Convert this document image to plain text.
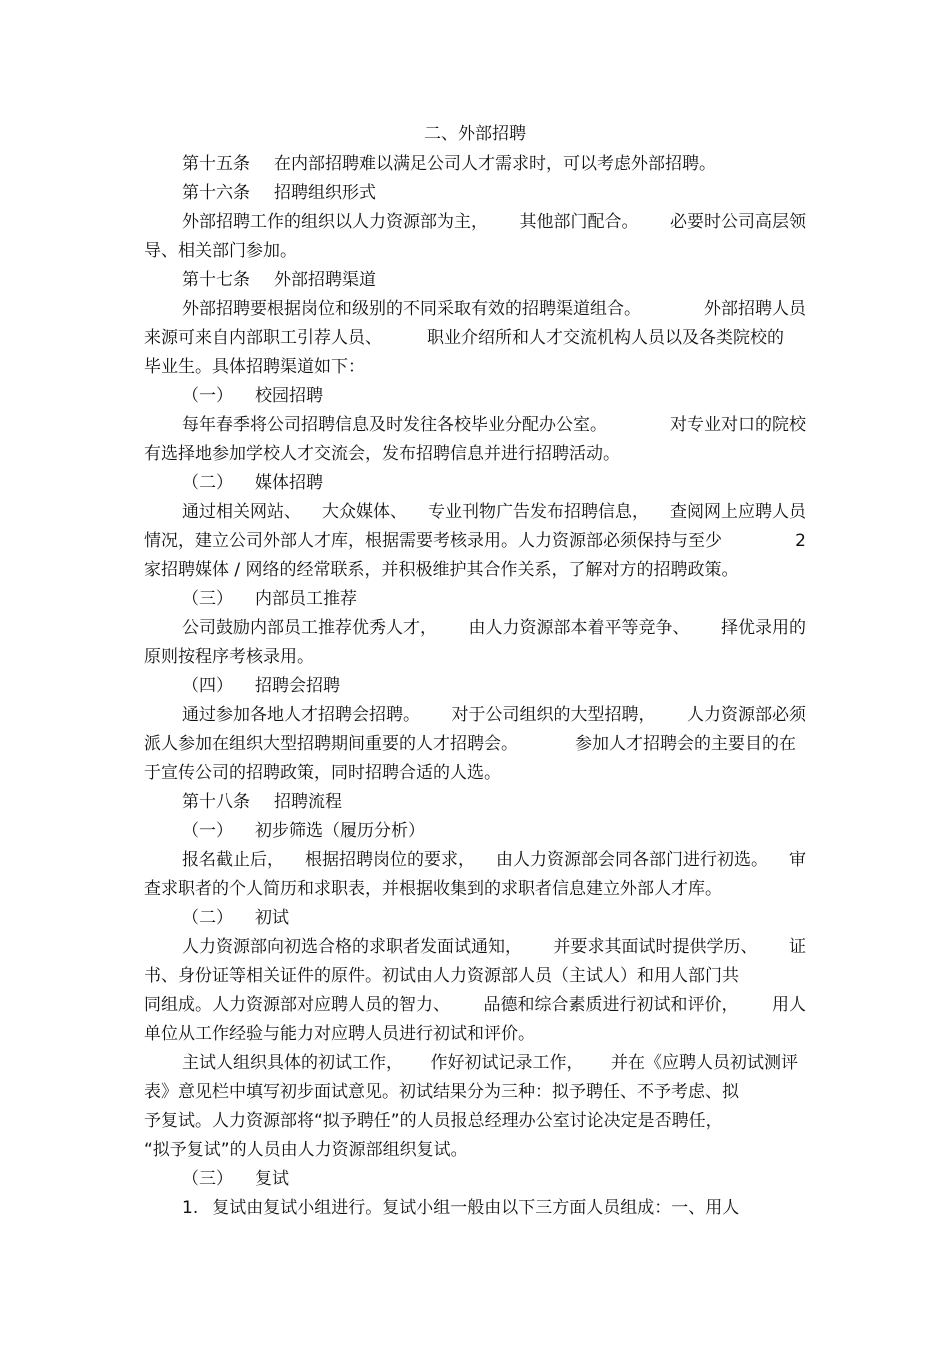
二、外部招聘
第十五条 在内部招聘难以满足公司人才需求时，可以考虑外部招聘。
第十六条 招聘组织形式
外部招聘工作的组织以人力资源部为主， 其他部门配合。 必要时公司高层领
导、相关部门参加。
第十七条 外部招聘渠道
外部招聘要根据岗位和级别的不同采取有效的招聘渠道组合。	外部招聘人员
来源可来自内部职工引荐人员、	职业介绍所和人才交流机构人员以及各类院校的
毕业生。具体招聘渠道如下：
（一） 校园招聘
每年春季将公司招聘信息及时发往各校毕业分配办公室。	对专业对口的院校
有选择地参加学校人才交流会，发布招聘信息并进行招聘活动。
（二） 媒体招聘
通过相关网站、 大众媒体、 专业刊物广告发布招聘信息， 查阅网上应聘人员
情况，建立公司外部人才库，根据需要考核录用。人力资源部必须保持与至少	2
家招聘媒体 / 网络的经常联系，并积极维护其合作关系，了解对方的招聘政策。
（三） 内部员工推荐
公司鼓励内部员工推荐优秀人才， 由人力资源部本着平等竞争、 择优录用的
原则按程序考核录用。
（四） 招聘会招聘
通过参加各地人才招聘会招聘。 对于公司组织的大型招聘， 人力资源部必须
派人参加在组织大型招聘期间重要的人才招聘会。	参加人才招聘会的主要目的在
于宣传公司的招聘政策，同时招聘合适的人选。
第十八条 招聘流程
（一） 初步筛选（履历分析）
报名截止后， 根据招聘岗位的要求， 由人力资源部会同各部门进行初选。 审
查求职者的个人简历和求职表，并根据收集到的求职者信息建立外部人才库。
（二） 初试
人力资源部向初选合格的求职者发面试通知， 并要求其面试时提供学历、 证
书、身份证等相关证件的原件。初试由人力资源部人员（主试人）和用人部门共
同组成。人力资源部对应聘人员的智力、 品德和综合素质进行初试和评价， 用人
单位从工作经验与能力对应聘人员进行初试和评价。
主试人组织具体的初试工作， 作好初试记录工作， 并在《应聘人员初试测评
表》意见栏中填写初步面试意见。初试结果分为三种：拟予聘任、不予考虑、拟
予复试。人力资源部将“拟予聘任”的人员报总经理办公室讨论决定是否聘任，
“拟予复试”的人员由人力资源部组织复试。
（三） 复试
1. 复试由复试小组进行。复试小组一般由以下三方面人员组成：一、用人
